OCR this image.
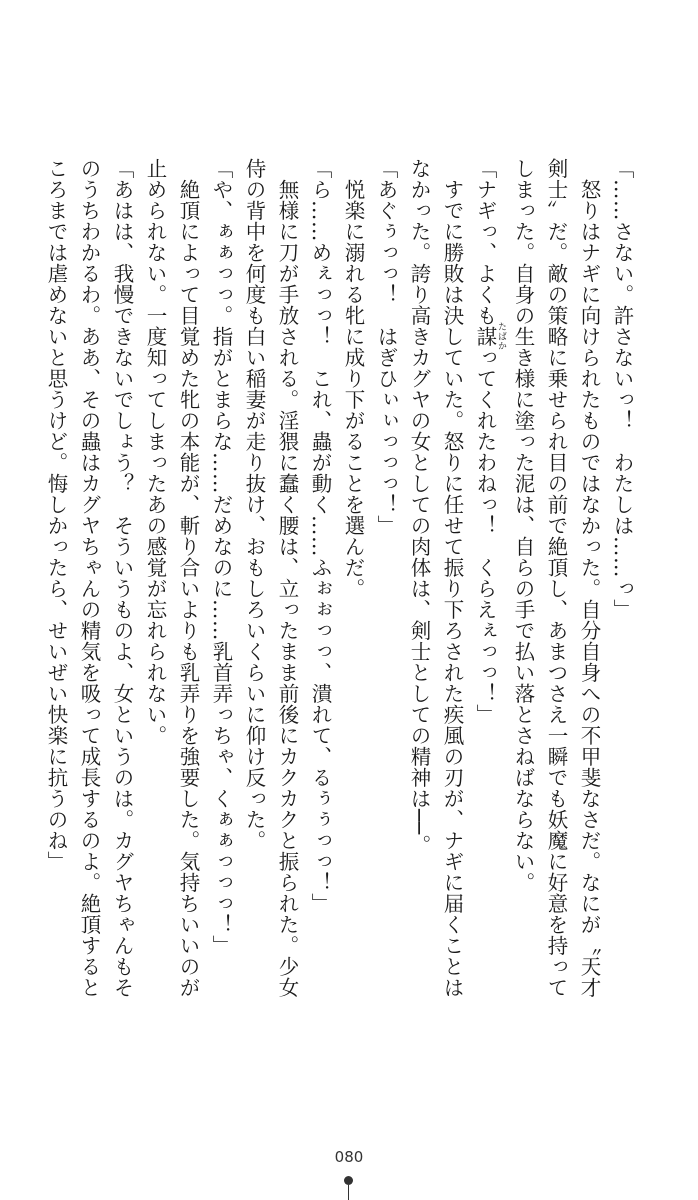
「……さない。許さないっ！　わたしは……っ」
　怒りはナギに向けられたものではなかった。自分自身への不甲斐なさだ。なにが〝天才
剣士〟だ。敵の策略に乗せられ目の前で絶頂し、あまつさえ一瞬でも妖魔に好意を持って
しまった。自身の生き様に塗った泥は、自らの手で払い落とさねばならない。
「ナギっ、よくも謀 たばかってくれたわねっ！　くらえぇっっ！」
　すでに勝敗は決していた。怒りに任せて振り下ろされた疾風の刃が、ナギに届くことは
なかった。誇り高きカグヤの女としての肉体は、剣士としての精神は──。
「あぐぅっっ！　はぎひぃぃっっっ！」
　悦楽に溺れる牝に成り下がることを選んだ。
「ら……めぇっっ！　これ、蟲が動く……ふぉぉっっ、潰れて、るぅぅっっ！」
　無様に刀が手放される。淫猥に蠢く腰は、立ったまま前後にカクカクと振られた。少女
侍の背中を何度も白い稲妻が走り抜け、おもしろいくらいに仰け反った。
「や、ぁぁっっ。指がとまらな……だめなのに……乳首弄っちゃ、くぁぁっっっ！」
　絶頂によって目覚めた牝の本能が、斬り合いよりも乳弄りを強要した。気持ちいいのが
止められない。一度知ってしまったあの感覚が忘れられない。
「あはは、我慢できないでしょう？　そういうものよ、女というのは。カグヤちゃんもそ
のうちわかるわ。ああ、その蟲はカグヤちゃんの精気を吸って成長するのよ。絶頂すると
ころまでは虐めないと思うけど。悔しかったら、せいぜい快楽に抗うのね」
080
